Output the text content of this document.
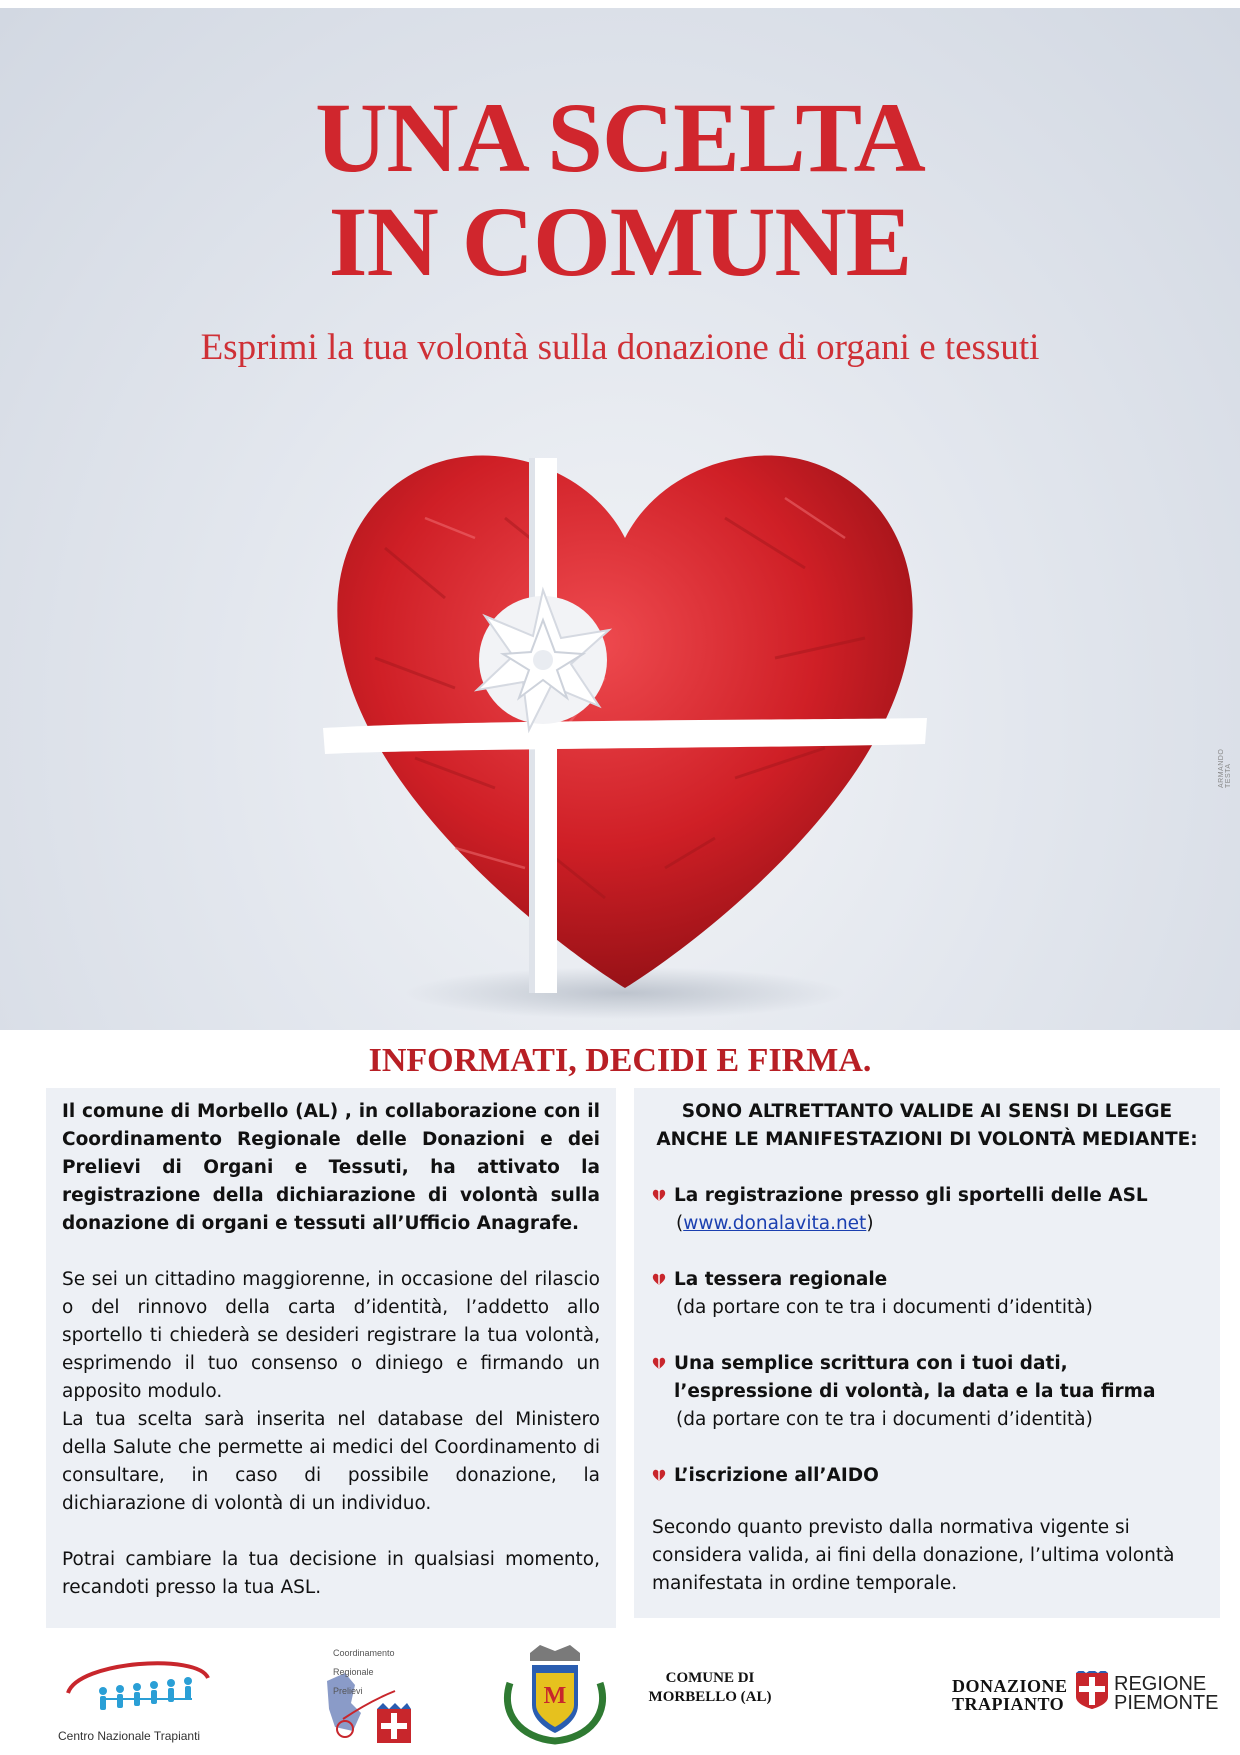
UNA SCELTA
IN COMUNE
Esprimi la tua volontà sulla donazione di organi e tessuti
ARMANDO TESTA
INFORMATI, DECIDI E FIRMA.

Il comune di Morbello (AL) , in collaborazione con il Coordinamento Regionale delle Donazioni e dei Prelievi di Organi e Tessuti, ha attivato la registrazione della dichiarazione di volontà sulla donazione di organi e tessuti all’Ufficio Anagrafe.

Se sei un cittadino maggiorenne, in occasione del rilascio o del rinnovo della carta d’identità, l’addetto allo sportello ti chiederà se desideri registrare la tua volontà, esprimendo il tuo consenso o diniego e firmando un apposito modulo.

La tua scelta sarà inserita nel database del Ministero della Salute che permette ai medici del Coordinamento di consultare, in caso di possibile donazione, la dichiarazione di volontà di un individuo.

Potrai cambiare la tua decisione in qualsiasi momento, recandoti presso la tua ASL.

SONO ALTRETTANTO VALIDE AI SENSI DI LEGGE ANCHE LE MANIFESTAZIONI DI VOLONTÀ MEDIANTE:
La registrazione presso gli sportelli delle ASL
(www.donalavita.net)
La tessera regionale
(da portare con te tra i documenti d’identità)
Una semplice scrittura con i tuoi dati, l’espressione di volontà, la data e la tua firma
(da portare con te tra i documenti d’identità)
L’iscrizione all’AIDO

Secondo quanto previsto dalla normativa vigente si considera valida, ai fini della donazione, l’ultima volontà manifestata in ordine temporale.

Centro Nazionale Trapianti
Coordinamento
Regionale
Prelievi	M
COMUNE DI
MORBELLO (AL)
DONAZIONE
TRAPIANTO
REGIONE
PIEMONTE
